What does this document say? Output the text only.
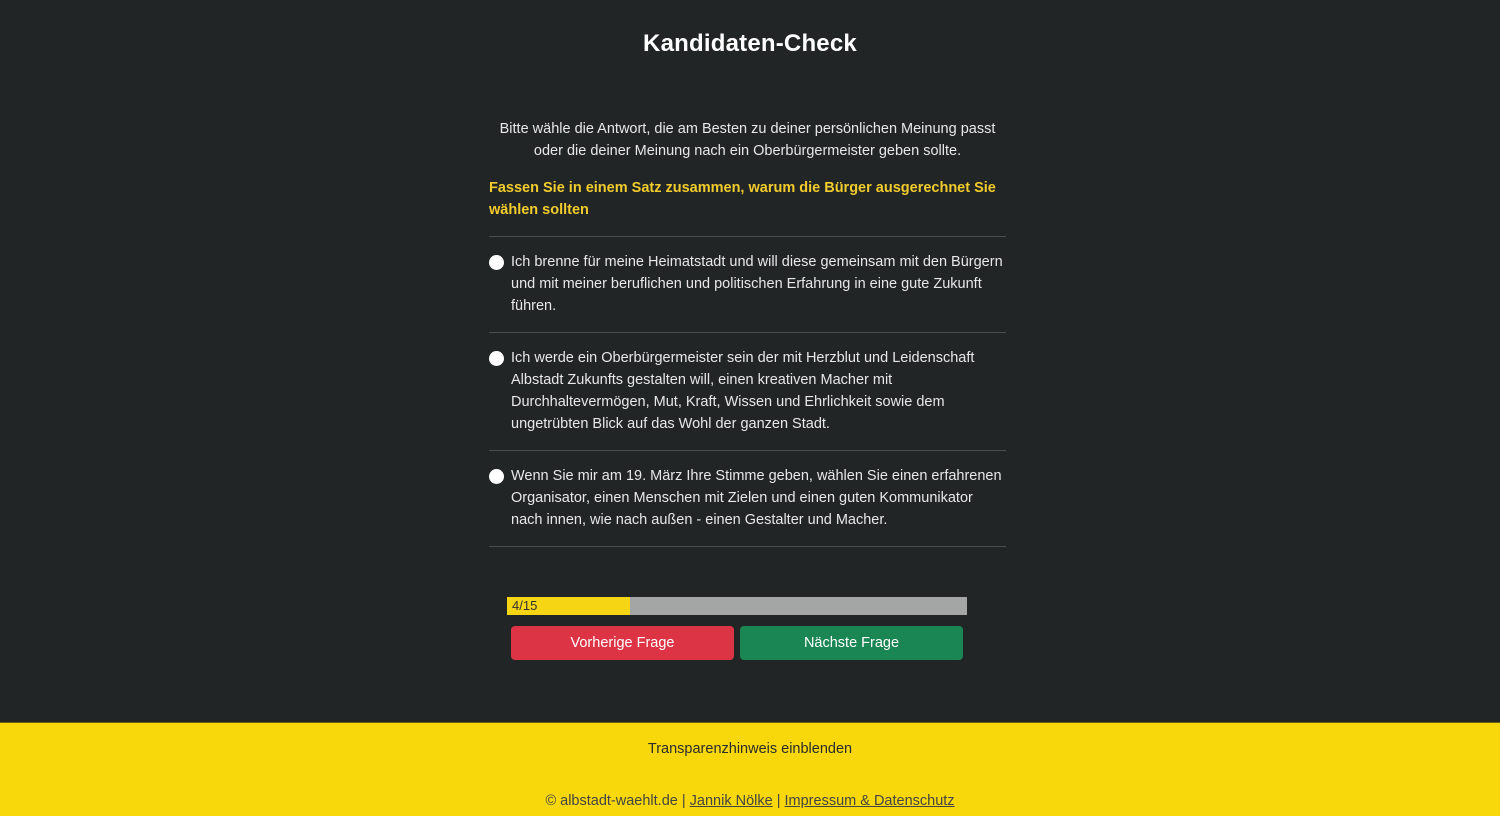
Kandidaten-Check

Bitte wähle die Antwort, die am Besten zu deiner persönlichen Meinung passt oder die deiner Meinung nach ein Oberbürgermeister geben sollte.

Fassen Sie in einem Satz zusammen, warum die Bürger ausgerechnet Sie wählen sollten

Ich brenne für meine Heimatstadt und will diese gemeinsam mit den Bürgern und mit meiner beruflichen und politischen Erfahrung in eine gute Zukunft führen.
Ich werde ein Oberbürgermeister sein der mit Herzblut und Leidenschaft Albstadt Zukunfts gestalten will, einen kreativen Macher mit Durchhaltevermögen, Mut, Kraft, Wissen und Ehrlichkeit sowie dem ungetrübten Blick auf das Wohl der ganzen Stadt.
Wenn Sie mir am 19. März Ihre Stimme geben, wählen Sie einen erfahrenen Organisator, einen Menschen mit Zielen und einen guten Kommunikator nach innen, wie nach außen - einen Gestalter und Macher.
4/15
Vorherige Frage	Nächste Frage
Transparenzhinweis einblenden
© albstadt-waehlt.de | Jannik Nölke | Impressum & Datenschutz
